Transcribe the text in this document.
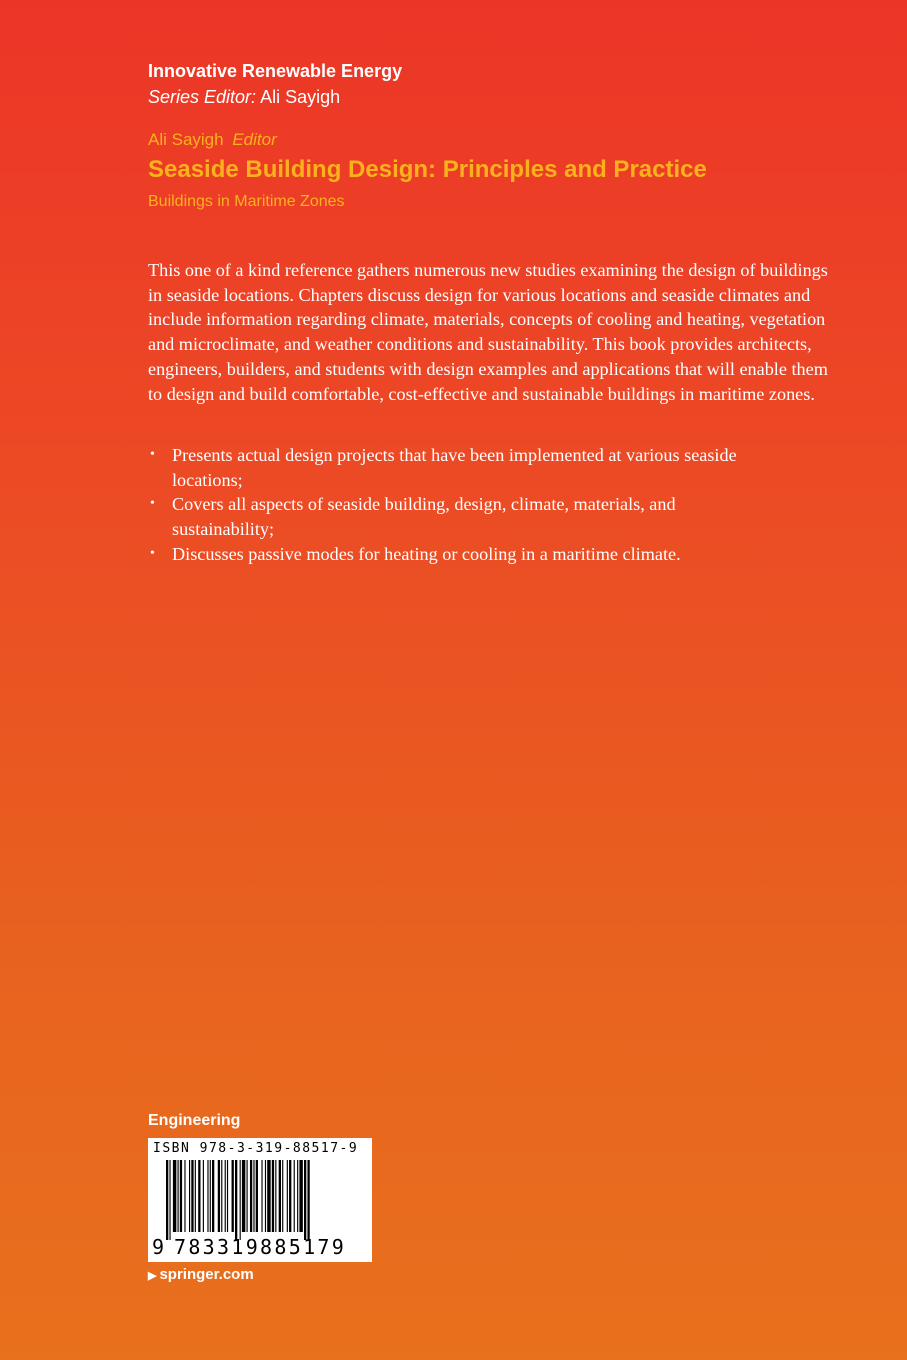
Innovative Renewable Energy
Series Editor: Ali Sayigh
Ali Sayigh Editor
Seaside Building Design: Principles and Practice
Buildings in Maritime Zones

This one of a kind reference gathers numerous new studies examining the design of buildings in seaside locations. Chapters discuss design for various locations and seaside climates and include information regarding climate, materials, concepts of cooling and heating, vegetation and microclimate, and weather conditions and sustainability. This book provides architects, engineers, builders, and students with design examples and applications that will enable them to design and build comfortable, cost-effective and sustainable buildings in maritime zones.

• Presents actual design projects that have been implemented at various seaside locations;
• Covers all aspects of seaside building, design, climate, materials, and sustainability;
• Discusses passive modes for heating or cooling in a maritime climate.
Engineering
ISBN 978-3-319-88517-9
9 783319885179
▶ springer.com
